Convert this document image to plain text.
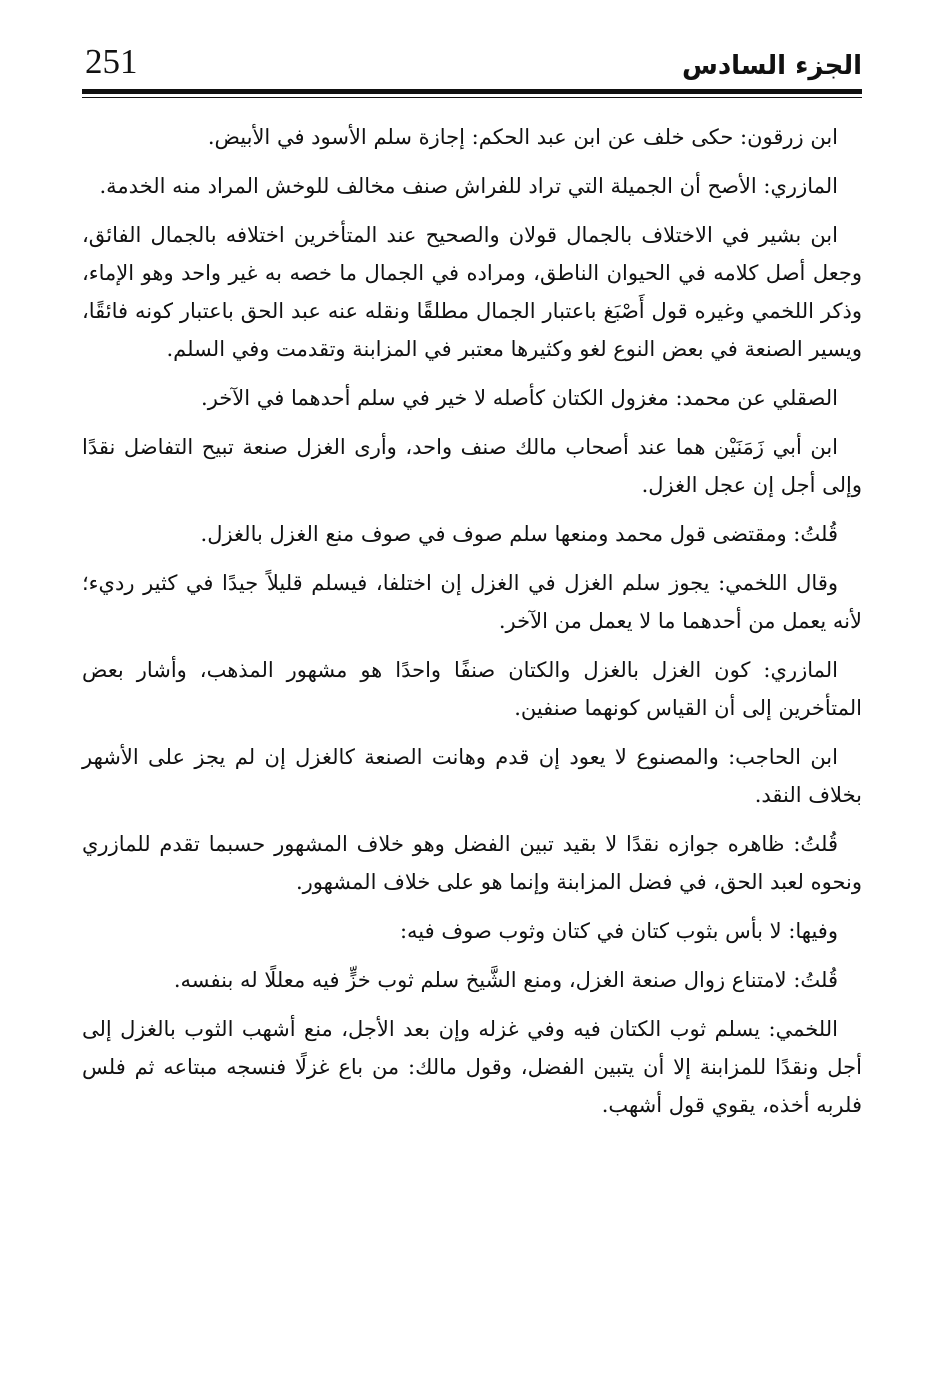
251	الجزء السادس

ابن زرقون: حكى خلف عن ابن عبد الحكم: إجازة سلم الأسود في الأبيض.

المازري: الأصح أن الجميلة التي تراد للفراش صنف مخالف للوخش المراد منه الخدمة.

ابن بشير في الاختلاف بالجمال قولان والصحيح عند المتأخرين اختلافه بالجمال الفائق، وجعل أصل كلامه في الحيوان الناطق، ومراده في الجمال ما خصه به غير واحد وهو الإماء، وذكر اللخمي وغيره قول أَصْبَغ باعتبار الجمال مطلقًا ونقله عنه عبد الحق باعتبار كونه فائقًا، ويسير الصنعة في بعض النوع لغو وكثيرها معتبر في المزابنة وتقدمت وفي السلم.

الصقلي عن محمد: مغزول الكتان كأصله لا خير في سلم أحدهما في الآخر.

ابن أبي زَمَنَيْن هما عند أصحاب مالك صنف واحد، وأرى الغزل صنعة تبيح التفاضل نقدًا وإلى أجل إن عجل الغزل.

قُلتُ: ومقتضى قول محمد ومنعها سلم صوف في صوف منع الغزل بالغزل.

وقال اللخمي: يجوز سلم الغزل في الغزل إن اختلفا، فيسلم قليلاً جيدًا في كثير رديء؛ لأنه يعمل من أحدهما ما لا يعمل من الآخر.

المازري: كون الغزل بالغزل والكتان صنفًا واحدًا هو مشهور المذهب، وأشار بعض المتأخرين إلى أن القياس كونهما صنفين.

ابن الحاجب: والمصنوع لا يعود إن قدم وهانت الصنعة كالغزل إن لم يجز على الأشهر بخلاف النقد.

قُلتُ: ظاهره جوازه نقدًا لا بقيد تبين الفضل وهو خلاف المشهور حسبما تقدم للمازري ونحوه لعبد الحق، في فضل المزابنة وإنما هو على خلاف المشهور.

وفيها: لا بأس بثوب كتان في كتان وثوب صوف فيه:

قُلتُ: لامتناع زوال صنعة الغزل، ومنع الشَّيخ سلم ثوب خزٍّ فيه معللًا له بنفسه.

اللخمي: يسلم ثوب الكتان فيه وفي غزله وإن بعد الأجل، منع أشهب الثوب بالغزل إلى أجل ونقدًا للمزابنة إلا أن يتبين الفضل، وقول مالك: من باع غزلًا فنسجه مبتاعه ثم فلس فلربه أخذه، يقوي قول أشهب.
